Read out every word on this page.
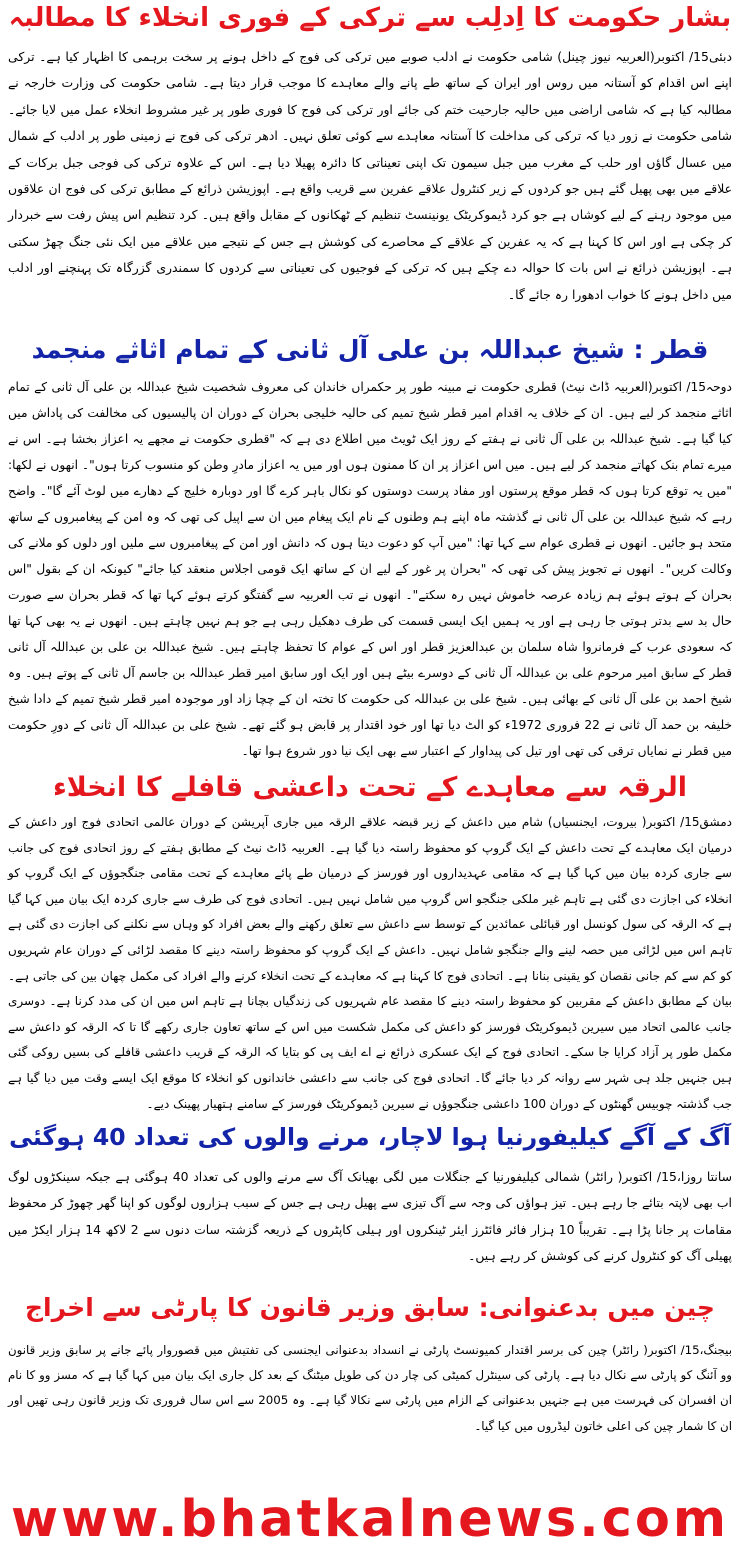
بشار حکومت کا اِدلِب سے ترکی کے فوری انخلاء کا مطالبہ

دبئی15/ اکتوبر(العربیہ نیوز چینل) شامی حکومت نے ادلب صوبے میں ترکی کی فوج کے داخل ہونے پر سخت برہمی کا اظہار کیا ہے۔ ترکی اپنے اس اقدام کو آستانہ میں روس اور ایران کے ساتھ طے پانے والے معاہدے کا موجب قرار دیتا ہے۔ شامی حکومت کی وزارت خارجہ نے مطالبہ کیا ہے کہ شامی اراضی میں حالیہ جارحیت ختم کی جائے اور ترکی کی فوج کا فوری طور پر غیر مشروط انخلاء عمل میں لایا جائے۔ شامی حکومت نے زور دیا کہ ترکی کی مداخلت کا آستانہ معاہدے سے کوئی تعلق نہیں۔ ادھر ترکی کی فوج نے زمینی طور پر ادلب کے شمال میں عسال گاؤں اور حلب کے مغرب میں جبل سیمون تک اپنی تعیناتی کا دائرہ پھیلا دیا ہے۔ اس کے علاوہ ترکی کی فوجی جبل برکات کے علاقے میں بھی پھیل گئے ہیں جو کردوں کے زیر کنٹرول علاقے عفرین سے قریب واقع ہے۔ اپوزیشن ذرائع کے مطابق ترکی کی فوج ان علاقوں میں موجود رہنے کے لیے کوشاں ہے جو کرد ڈیموکریٹک یونینسٹ تنظیم کے ٹھکانوں کے مقابل واقع ہیں۔ کرد تنظیم اس پیش رفت سے خبردار کر چکی ہے اور اس کا کہنا ہے کہ یہ عفرین کے علاقے کے محاصرے کی کوشش ہے جس کے نتیجے میں علاقے میں ایک نئی جنگ چھڑ سکتی ہے۔ اپوزیشن ذرائع نے اس بات کا حوالہ دے چکے ہیں کہ ترکی کے فوجیوں کی تعیناتی سے کردوں کا سمندری گزرگاہ تک پہنچنے اور ادلب میں داخل ہونے کا خواب ادھورا رہ جائے گا۔

قطر : شیخ عبداللہ بن علی آل ثانی کے تمام اثاثے منجمد

دوحہ15/ اکتوبر(العربیہ ڈاٹ نیٹ) قطری حکومت نے مبینہ طور پر حکمراں خاندان کی معروف شخصیت شیخ عبداللہ بن علی آل ثانی کے تمام اثاثے منجمد کر لیے ہیں۔ ان کے خلاف یہ اقدام امیر قطر شیخ تمیم کی حالیہ خلیجی بحران کے دوران ان پالیسیوں کی مخالفت کی پاداش میں کیا گیا ہے۔ شیخ عبداللہ بن علی آل ثانی نے ہفتے کے روز ایک ٹویٹ میں اطلاع دی ہے کہ "قطری حکومت نے مجھے یہ اعزاز بخشا ہے۔ اس نے میرے تمام بنک کھاتے منجمد کر لیے ہیں۔ میں اس اعزاز پر ان کا ممنون ہوں اور میں یہ اعزاز مادرِ وطن کو منسوب کرتا ہوں"۔ انھوں نے لکھا: "میں یہ توقع کرتا ہوں کہ قطر موقع پرستوں اور مفاد پرست دوستوں کو نکال باہر کرے گا اور دوبارہ خلیج کے دھارے میں لوٹ آئے گا"۔ واضح رہے کہ شیخ عبداللہ بن علی آل ثانی نے گذشتہ ماہ اپنے ہم وطنوں کے نام ایک پیغام میں ان سے اپیل کی تھی کہ وہ امن کے پیغامبروں کے ساتھ متحد ہو جائیں۔ انھوں نے قطری عوام سے کہا تھا: "میں آپ کو دعوت دیتا ہوں کہ دانش اور امن کے پیغامبروں سے ملیں اور دلوں کو ملانے کی وکالت کریں"۔ انھوں نے تجویز پیش کی تھی کہ "بحران پر غور کے لیے ان کے ساتھ ایک قومی اجلاس منعقد کیا جائے" کیونکہ ان کے بقول "اس بحران کے ہوتے ہوئے ہم زیادہ عرصہ خاموش نہیں رہ سکتے"۔ انھوں نے تب العربیہ سے گفتگو کرتے ہوئے کہا تھا کہ قطر بحران سے صورت حال بد سے بدتر ہوتی جا رہی ہے اور یہ ہمیں ایک ایسی قسمت کی طرف دھکیل رہی ہے جو ہم نہیں چاہتے ہیں۔ انھوں نے یہ بھی کہا تھا کہ سعودی عرب کے فرمانروا شاہ سلمان بن عبدالعزیز قطر اور اس کے عوام کا تحفظ چاہتے ہیں۔ شیخ عبداللہ بن علی بن عبداللہ آل ثانی قطر کے سابق امیر مرحوم علی بن عبداللہ آل ثانی کے دوسرے بیٹے ہیں اور ایک اور سابق امیر قطر عبداللہ بن جاسم آل ثانی کے پوتے ہیں۔ وہ شیخ احمد بن علی آل ثانی کے بھائی ہیں۔ شیخ علی بن عبداللہ کی حکومت کا تختہ ان کے چچا زاد اور موجودہ امیر قطر شیخ تمیم کے دادا شیخ خلیفہ بن حمد آل ثانی نے 22 فروری 1972ء کو الٹ دیا تھا اور خود اقتدار پر قابض ہو گئے تھے۔ شیخ علی بن عبداللہ آل ثانی کے دورِ حکومت میں قطر نے نمایاں ترقی کی تھی اور تیل کی پیداوار کے اعتبار سے بھی ایک نیا دور شروع ہوا تھا۔

الرقہ سے معاہدے کے تحت داعشی قافلے کا انخلاء

دمشق15/ اکتوبر( بیروت، ایجنسیاں) شام میں داعش کے زیر قبضہ علاقے الرقہ میں جاری آپریشن کے دوران عالمی اتحادی فوج اور داعش کے درمیان ایک معاہدے کے تحت داعش کے ایک گروپ کو محفوظ راستہ دیا گیا ہے۔ العربیہ ڈاٹ نیٹ کے مطابق ہفتے کے روز اتحادی فوج کی جانب سے جاری کردہ بیان میں کہا گیا ہے کہ مقامی عہدیداروں اور فورسز کے درمیان طے پائے معاہدے کے تحت مقامی جنگجوؤں کے ایک گروپ کو انخلاء کی اجازت دی گئی ہے تاہم غیر ملکی جنگجو اس گروپ میں شامل نہیں ہیں۔ اتحادی فوج کی طرف سے جاری کردہ ایک بیان میں کہا گیا ہے کہ الرقہ کی سول کونسل اور قبائلی عمائدین کے توسط سے داعش سے تعلق رکھنے والے بعض افراد کو وہاں سے نکلنے کی اجازت دی گئی ہے تاہم اس میں لڑائی میں حصہ لینے والے جنگجو شامل نہیں۔ داعش کے ایک گروپ کو محفوظ راستہ دینے کا مقصد لڑائی کے دوران عام شہریوں کو کم سے کم جانی نقصان کو یقینی بنانا ہے۔ اتحادی فوج کا کہنا ہے کہ معاہدے کے تحت انخلاء کرنے والے افراد کی مکمل چھان بین کی جاتی ہے۔ بیان کے مطابق داعش کے مقربین کو محفوظ راستہ دینے کا مقصد عام شہریوں کی زندگیاں بچانا ہے تاہم اس میں ان کی مدد کرنا ہے۔ دوسری جانب عالمی اتحاد میں سیرین ڈیموکریٹک فورسز کو داعش کی مکمل شکست میں اس کے ساتھ تعاون جاری رکھے گا تا کہ الرقہ کو داعش سے مکمل طور پر آزاد کرایا جا سکے۔ اتحادی فوج کے ایک عسکری ذرائع نے اے ایف پی کو بتایا کہ الرقہ کے قریب داعشی قافلے کی بسیں روکی گئی ہیں جنہیں جلد ہی شہر سے روانہ کر دیا جائے گا۔ اتحادی فوج کی جانب سے داعشی خاندانوں کو انخلاء کا موقع ایک ایسے وقت میں دیا گیا ہے جب گذشتہ چوبیس گھنٹوں کے دوران 100 داعشی جنگجوؤں نے سیرین ڈیموکریٹک فورسز کے سامنے ہتھیار پھینک دیے۔

آگ کے آگے کیلیفورنیا ہوا لاچار، مرنے والوں کی تعداد 40 ہوگئی

سانتا روزا،15/ اکتوبر( رائٹر) شمالی کیلیفورنیا کے جنگلات میں لگی بھیانک آگ سے مرنے والوں کی تعداد 40 ہوگئی ہے جبکہ سینکڑوں لوگ اب بھی لاپتہ بتائے جا رہے ہیں۔ تیز ہواؤں کی وجہ سے آگ تیزی سے پھیل رہی ہے جس کے سبب ہزاروں لوگوں کو اپنا گھر چھوڑ کر محفوظ مقامات پر جانا پڑا ہے۔ تقریباً 10 ہزار فائر فائٹرز ایئر ٹینکروں اور ہیلی کاپٹروں کے ذریعہ گزشتہ سات دنوں سے 2 لاکھ 14 ہزار ایکڑ میں پھیلی آگ کو کنٹرول کرنے کی کوشش کر رہے ہیں۔

چین میں بدعنوانی: سابق وزیر قانون کا پارٹی سے اخراج

بیجنگ،15/ اکتوبر( رائٹر) چین کی برسر اقتدار کمیونسٹ پارٹی نے انسداد بدعنوانی ایجنسی کی تفتیش میں قصوروار پائے جانے پر سابق وزیر قانون وو آئنگ کو پارٹی سے نکال دیا ہے۔ پارٹی کی سینٹرل کمیٹی کی چار دن کی طویل میٹنگ کے بعد کل جاری ایک بیان میں کہا گیا ہے کہ مسز وو کا نام ان افسران کی فہرست میں ہے جنہیں بدعنوانی کے الزام میں پارٹی سے نکالا گیا ہے۔ وہ 2005 سے اس سال فروری تک وزیر قانون رہی تھیں اور ان کا شمار چین کی اعلی خاتون لیڈروں میں کیا گیا۔

www.bhatkalnews.com
